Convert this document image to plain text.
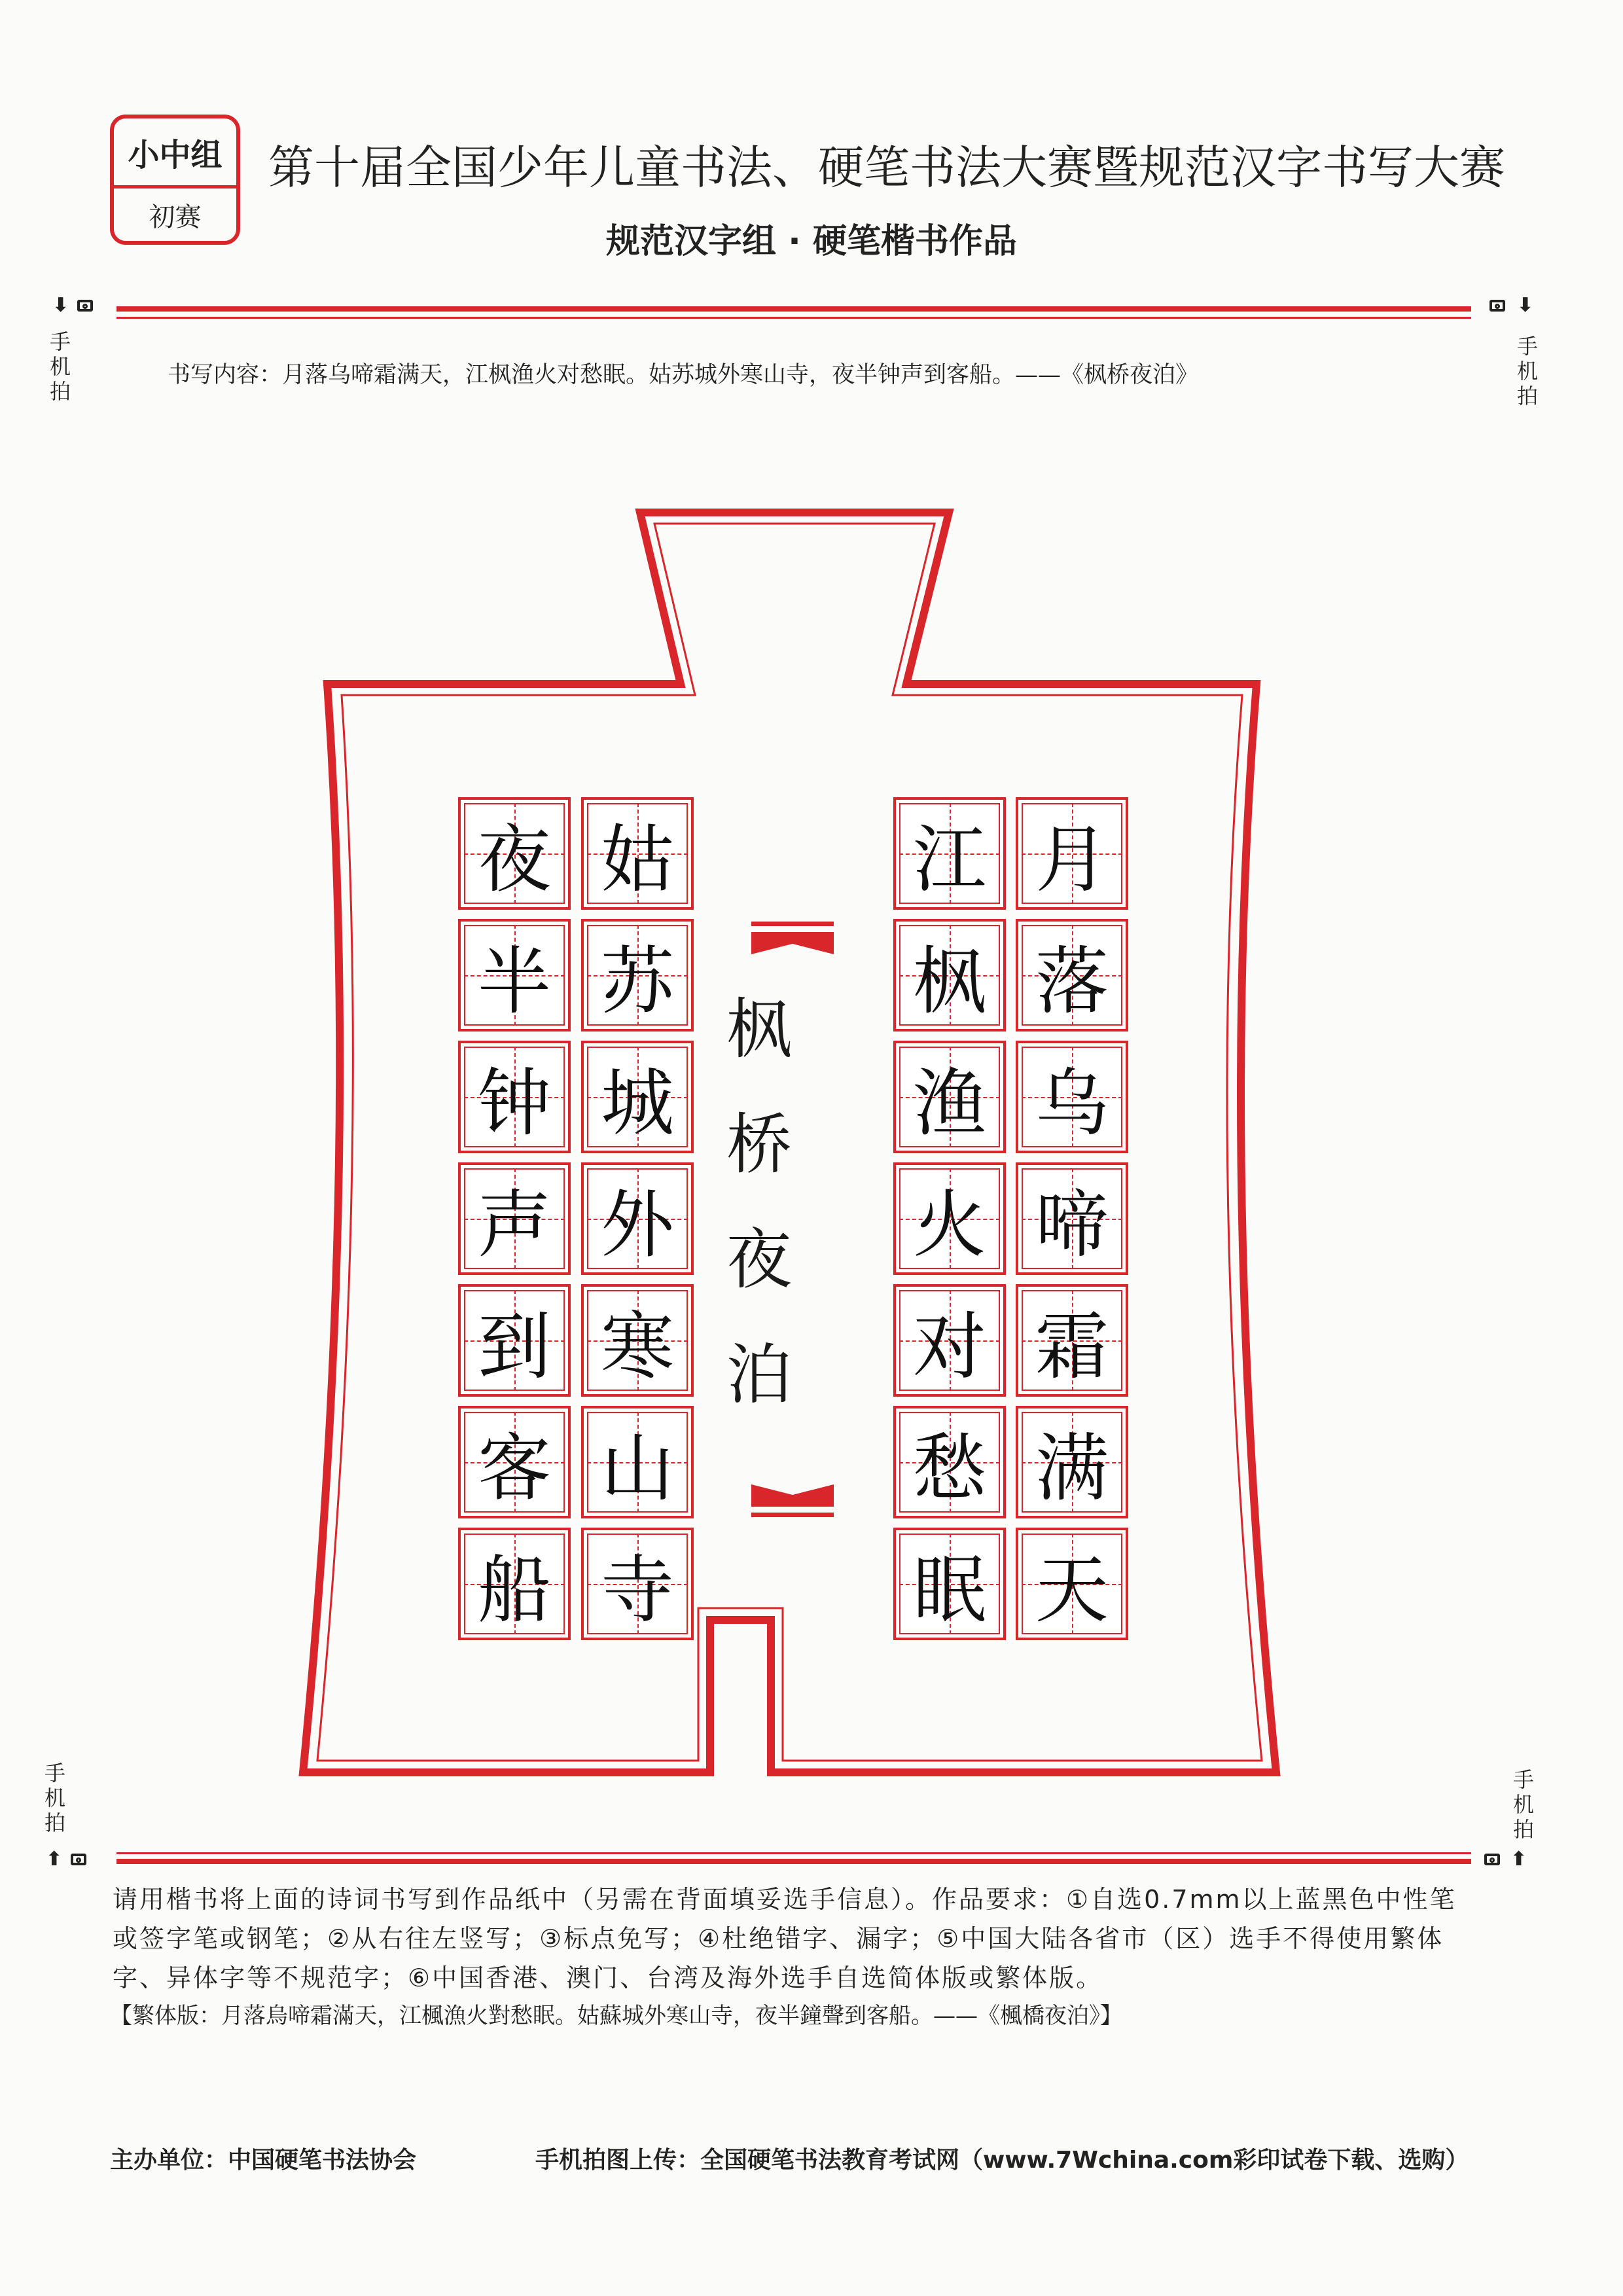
小中组
初赛
第十届全国少年儿童书法、硬笔书法大赛暨规范汉字书写大赛
规范汉字组 · 硬笔楷书作品
⬇
手机拍
⬇
手机拍
书写内容：月落乌啼霜满天，江枫渔火对愁眠。姑苏城外寒山寺，夜半钟声到客船。——《枫桥夜泊》
枫
桥
夜
泊
月
落
乌
啼
霜
满
天
江
枫
渔
火
对
愁
眠
姑
苏
城
外
寒
山
寺
夜
半
钟
声
到
客
船
手机拍
⬆
手机拍
⬆
请用楷书将上面的诗词书写到作品纸中（另需在背面填妥选手信息）。作品要求：①自选0.7mm以上蓝黑色中性笔或签字笔或钢笔；②从右往左竖写；③标点免写；④杜绝错字、漏字；⑤中国大陆各省市（区）选手不得使用繁体字、异体字等不规范字；⑥中国香港、澳门、台湾及海外选手自选简体版或繁体版。
【繁体版：月落烏啼霜滿天，江楓漁火對愁眠。姑蘇城外寒山寺，夜半鐘聲到客船。——《楓橋夜泊》】
主办单位：中国硬笔书法协会	手机拍图上传：全国硬笔书法教育考试网（www.7Wchina.com彩印试卷下载、选购）
